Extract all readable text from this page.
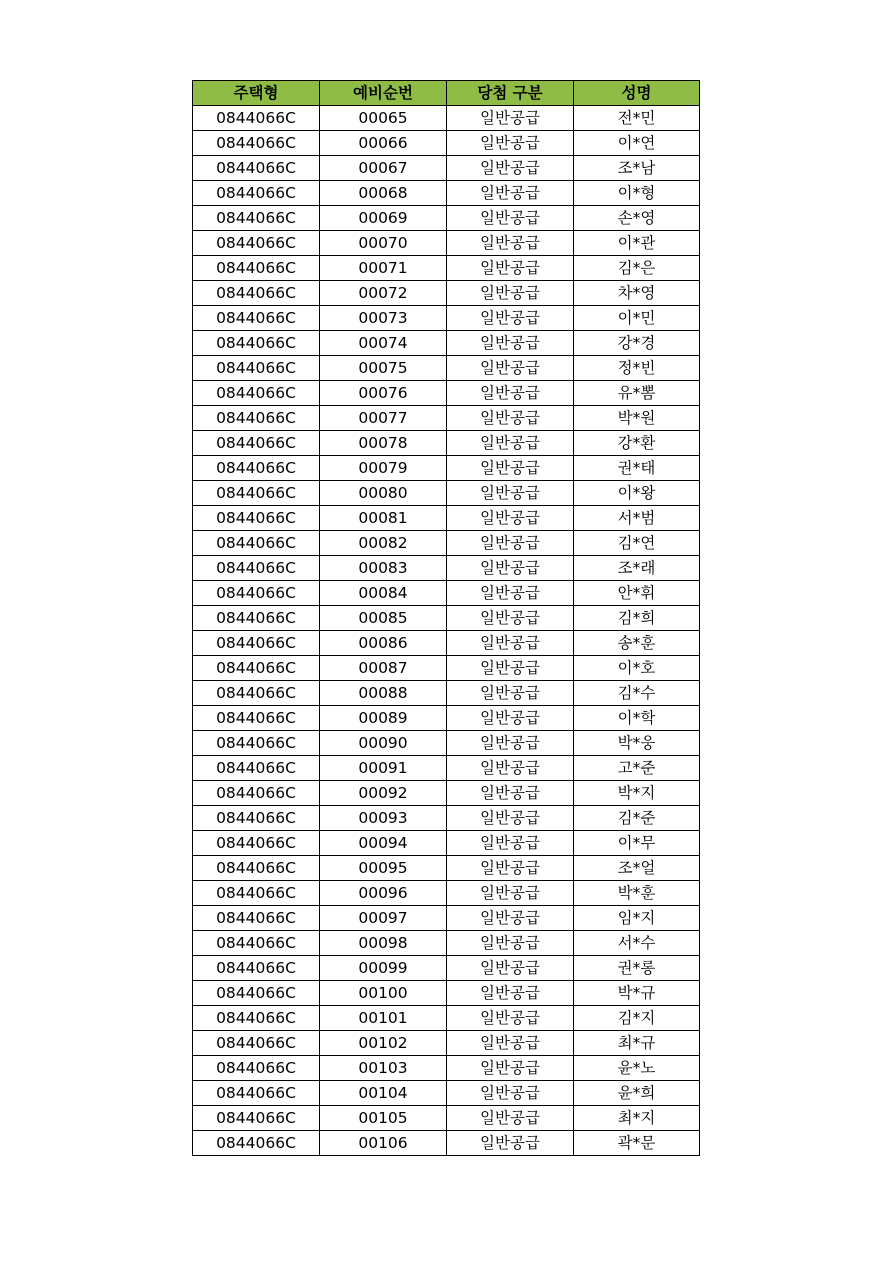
주택형	예비순번	당첨 구분	성명
0844066C	00065	일반공급	전*민
0844066C	00066	일반공급	이*연
0844066C	00067	일반공급	조*남
0844066C	00068	일반공급	이*형
0844066C	00069	일반공급	손*영
0844066C	00070	일반공급	이*관
0844066C	00071	일반공급	김*은
0844066C	00072	일반공급	차*영
0844066C	00073	일반공급	이*민
0844066C	00074	일반공급	강*경
0844066C	00075	일반공급	정*빈
0844066C	00076	일반공급	유*뽐
0844066C	00077	일반공급	박*원
0844066C	00078	일반공급	강*환
0844066C	00079	일반공급	권*태
0844066C	00080	일반공급	이*왕
0844066C	00081	일반공급	서*범
0844066C	00082	일반공급	김*연
0844066C	00083	일반공급	조*래
0844066C	00084	일반공급	안*휘
0844066C	00085	일반공급	김*희
0844066C	00086	일반공급	송*훈
0844066C	00087	일반공급	이*호
0844066C	00088	일반공급	김*수
0844066C	00089	일반공급	이*학
0844066C	00090	일반공급	박*웅
0844066C	00091	일반공급	고*준
0844066C	00092	일반공급	박*지
0844066C	00093	일반공급	김*준
0844066C	00094	일반공급	이*무
0844066C	00095	일반공급	조*얼
0844066C	00096	일반공급	박*훈
0844066C	00097	일반공급	임*지
0844066C	00098	일반공급	서*수
0844066C	00099	일반공급	권*롱
0844066C	00100	일반공급	박*규
0844066C	00101	일반공급	김*지
0844066C	00102	일반공급	최*규
0844066C	00103	일반공급	윤*노
0844066C	00104	일반공급	윤*희
0844066C	00105	일반공급	최*지
0844066C	00106	일반공급	곽*문
